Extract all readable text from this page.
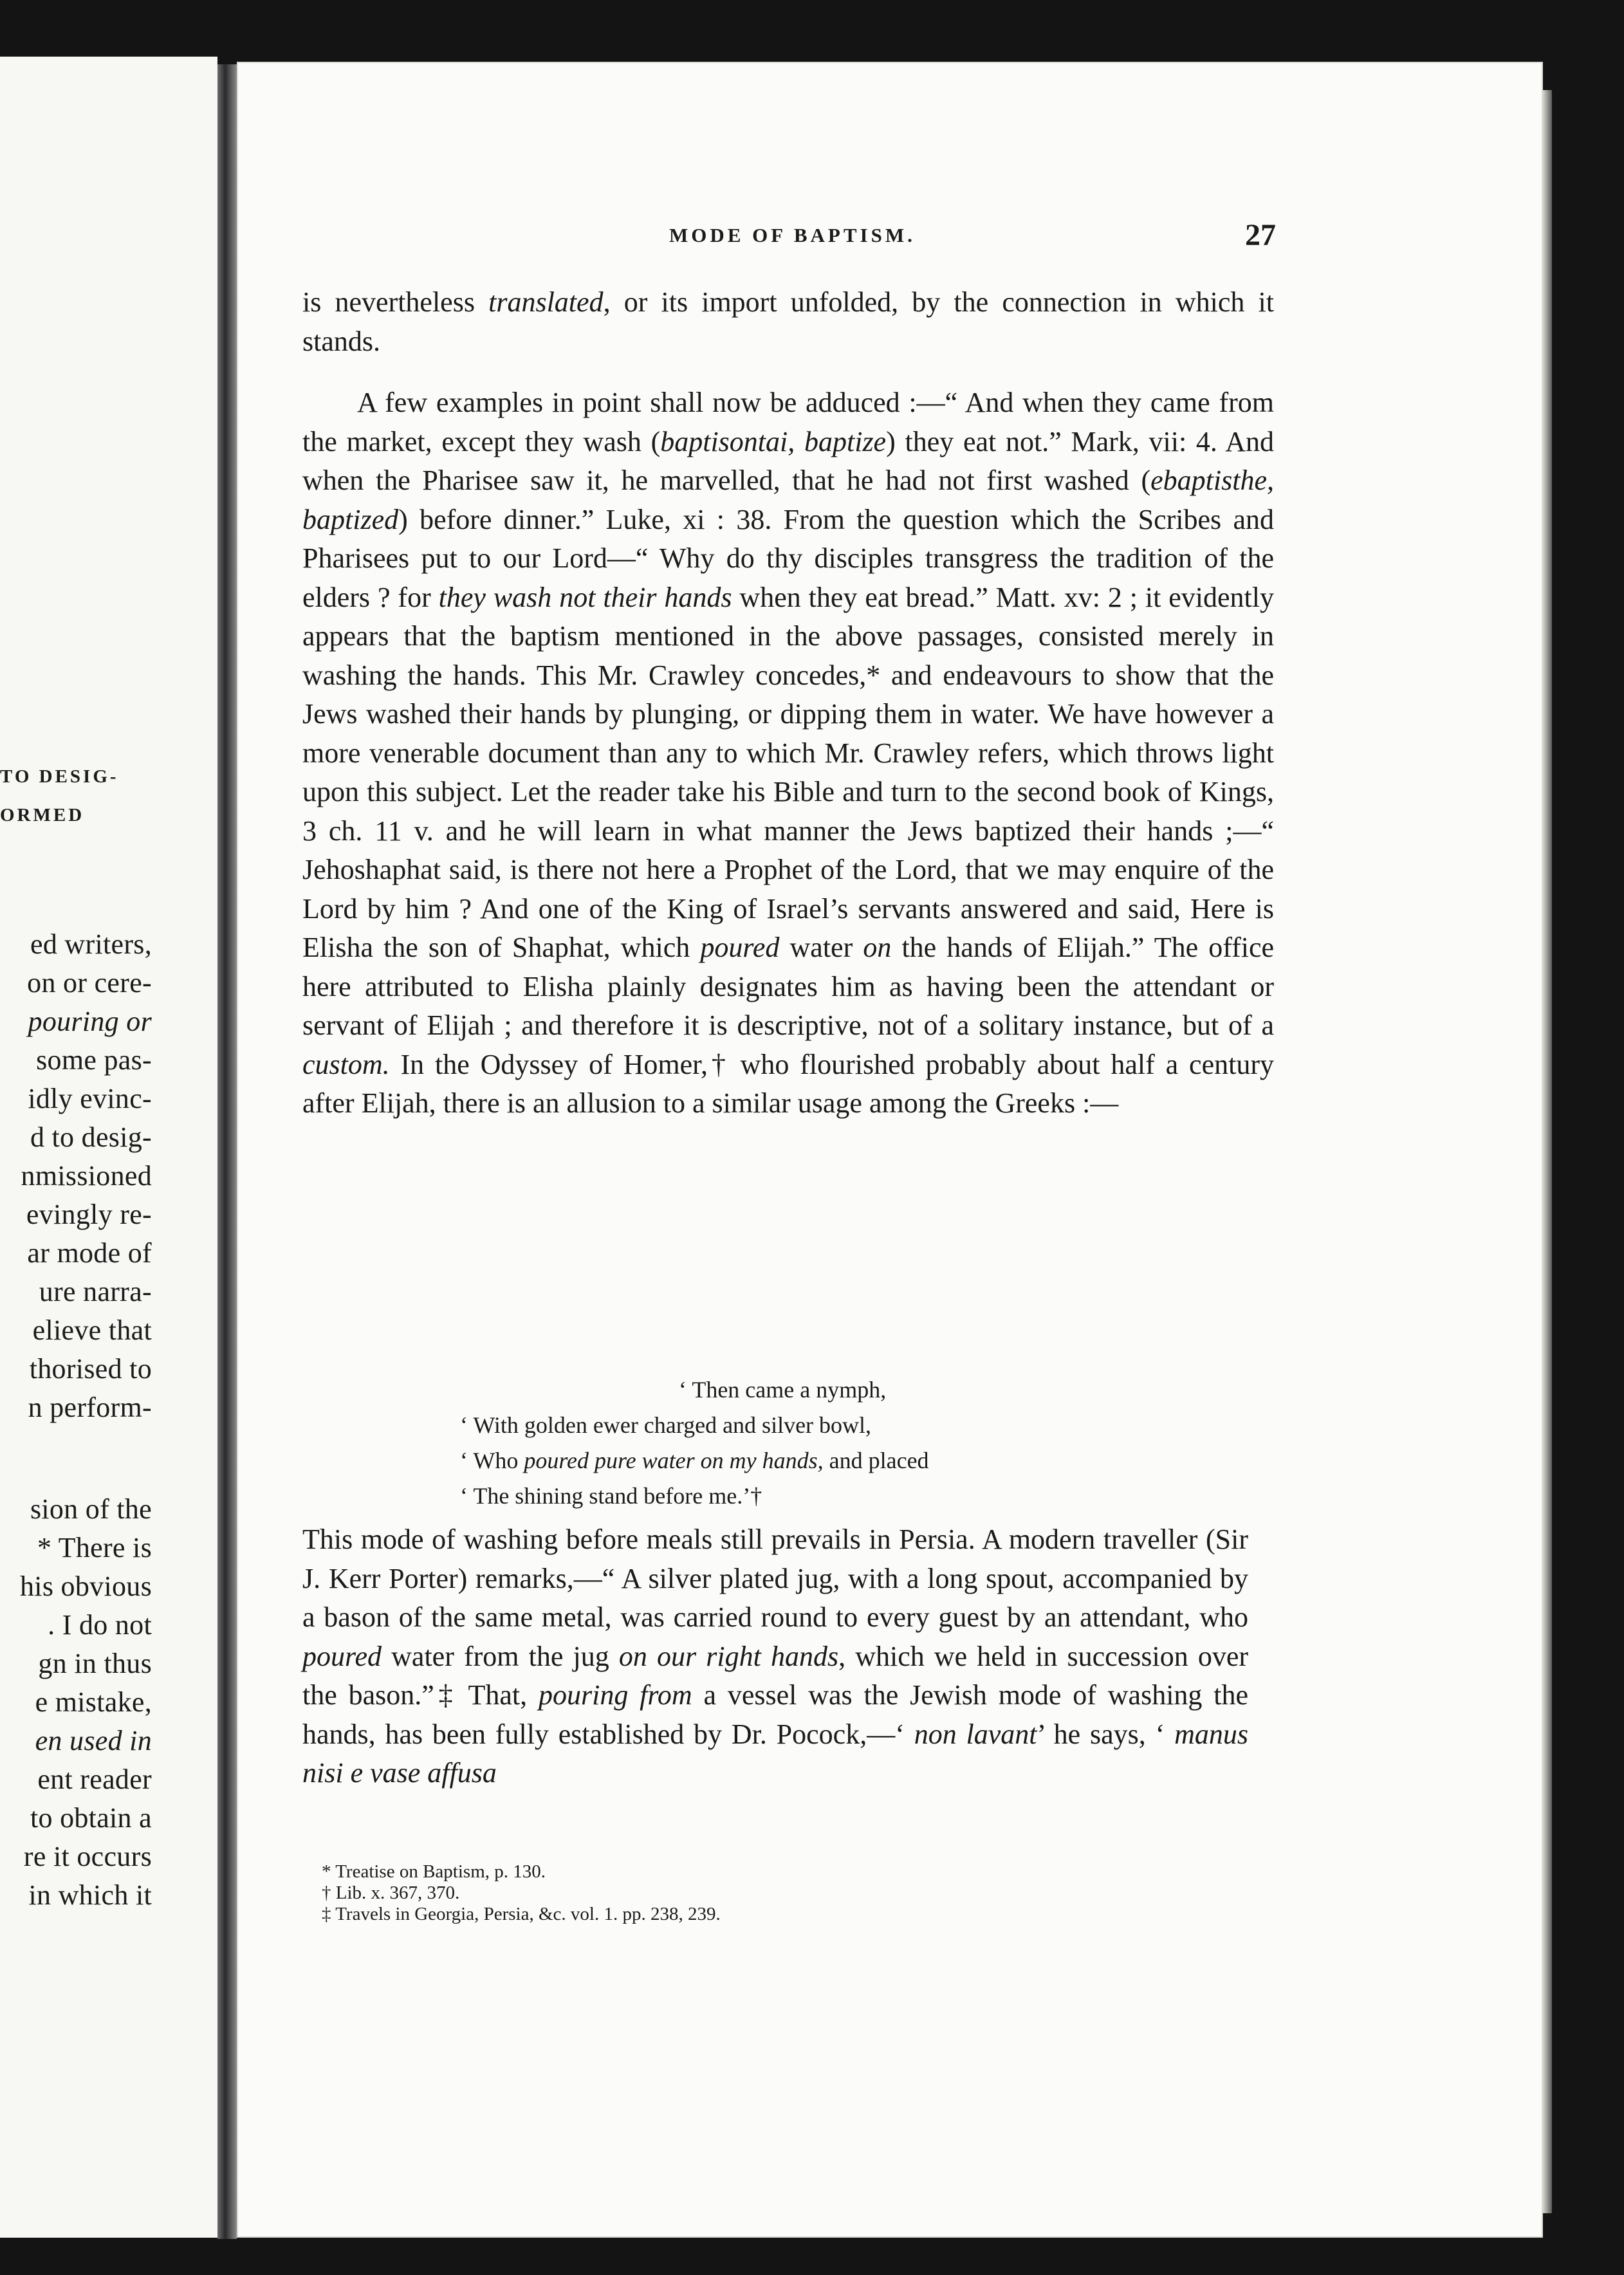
TO DESIG-
ORMED
ed writers,
on or cere-
pouring or
some pas-
idly evinc-
d to desig-
nmissioned
evingly re-
ar mode of
ure narra-
elieve that
thorised to
n perform-
sion of the
* There is
his obvious
. I do not
gn in thus
e mistake,
en used in
ent reader
to obtain a
re it occurs
in which it
MODE OF BAPTISM.	27

is nevertheless translated, or its import unfolded, by the connection in which it stands.

A few examples in point shall now be adduced :—“ And when they came from the market, except they wash (baptisontai, baptize) they eat not.” Mark, vii: 4. And when the Pharisee saw it, he marvelled, that he had not first washed (ebaptisthe, baptized) before dinner.” Luke, xi : 38. From the question which the Scribes and Pharisees put to our Lord—“ Why do thy disciples transgress the tradition of the elders ? for they wash not their hands when they eat bread.” Matt. xv: 2 ; it evidently appears that the baptism mentioned in the above passages, consisted merely in washing the hands. This Mr. Crawley concedes,* and endeavours to show that the Jews washed their hands by plunging, or dipping them in water. We have however a more venerable document than any to which Mr. Crawley refers, which throws light upon this subject. Let the reader take his Bible and turn to the second book of Kings, 3 ch. 11 v. and he will learn in what manner the Jews baptized their hands ;—“ Jehoshaphat said, is there not here a Prophet of the Lord, that we may enquire of the Lord by him ? And one of the King of Israel’s servants answered and said, Here is Elisha the son of Shaphat, which poured water on the hands of Elijah.” The office here attributed to Elisha plainly designates him as having been the attendant or servant of Elijah ; and therefore it is descriptive, not of a solitary instance, but of a custom. In the Odyssey of Homer,† who flourished probably about half a century after Elijah, there is an allusion to a similar usage among the Greeks :—

‘ Then came a nymph,
‘ With golden ewer charged and silver bowl,
‘ Who poured pure water on my hands, and placed
‘ The shining stand before me.’†

This mode of washing before meals still prevails in Persia. A modern traveller (Sir J. Kerr Porter) remarks,—“ A silver plated jug, with a long spout, accompanied by a bason of the same metal, was carried round to every guest by an attendant, who poured water from the jug on our right hands, which we held in succession over the bason.”‡ That, pouring from a vessel was the Jewish mode of washing the hands, has been fully established by Dr. Pocock,—‘ non lavant’ he says, ‘ manus nisi e vase affusa

* Treatise on Baptism, p. 130.
† Lib. x. 367, 370.
‡ Travels in Georgia, Persia, &c. vol. 1. pp. 238, 239.
